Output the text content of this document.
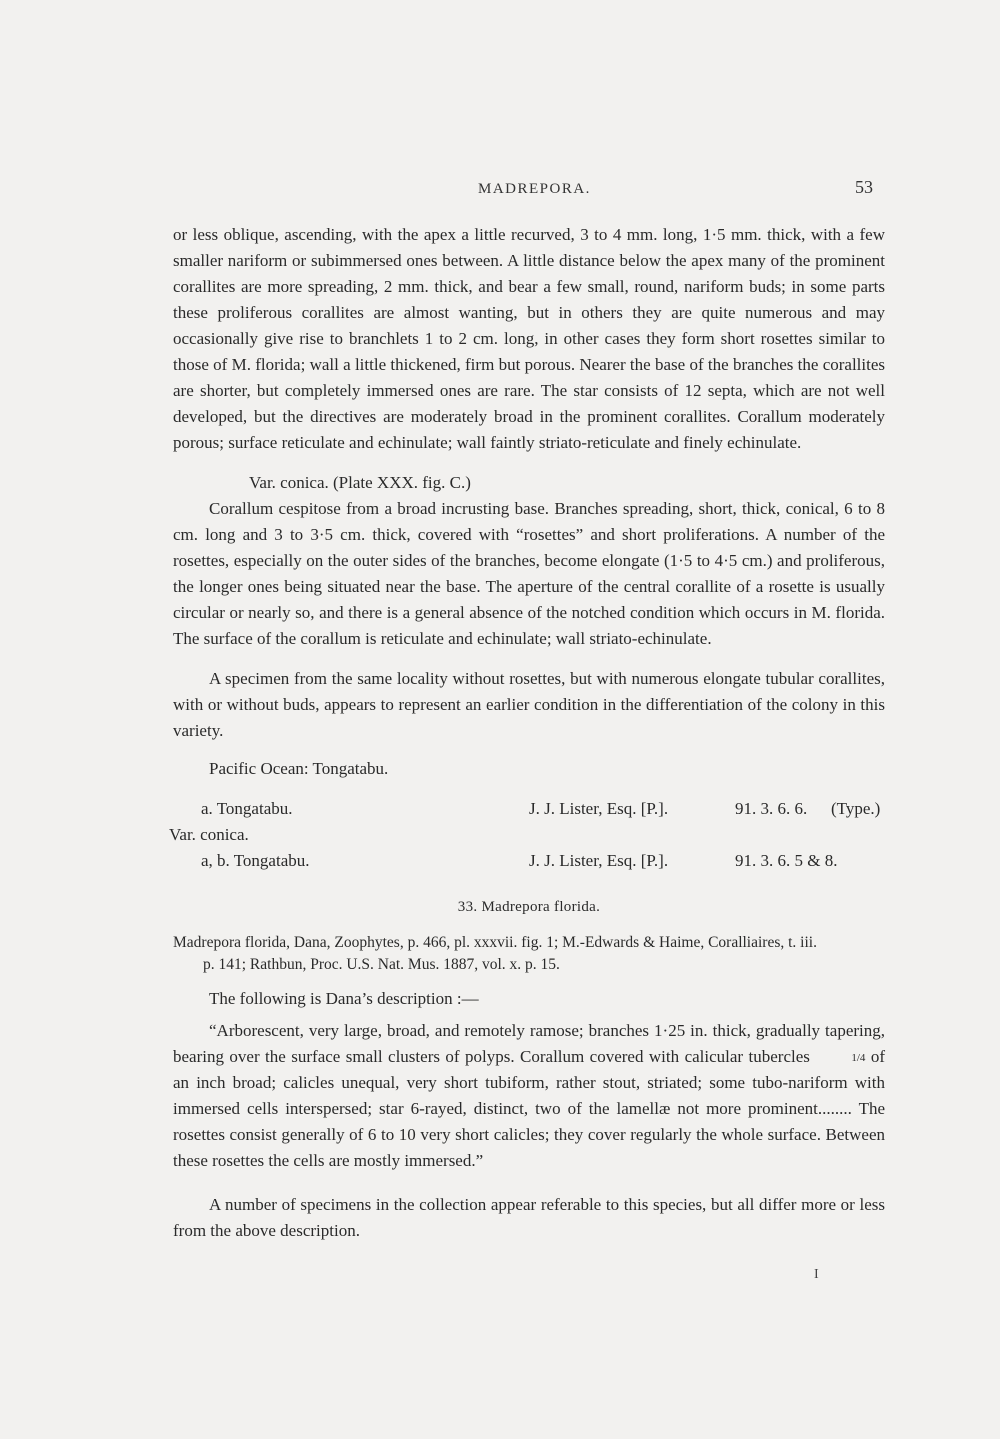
MADREPORA.	53

or less oblique, ascending, with the apex a little recurved, 3 to 4 mm. long, 1·5 mm. thick, with a few smaller nariform or subimmersed ones between. A little distance below the apex many of the prominent corallites are more spreading, 2 mm. thick, and bear a few small, round, nariform buds; in some parts these proliferous corallites are almost wanting, but in others they are quite numerous and may occasionally give rise to branchlets 1 to 2 cm. long, in other cases they form short rosettes similar to those of M. florida; wall a little thickened, firm but porous. Nearer the base of the branches the corallites are shorter, but completely immersed ones are rare. The star consists of 12 septa, which are not well developed, but the directives are moderately broad in the prominent corallites. Corallum moderately porous; surface reticulate and echinulate; wall faintly striato-reticulate and finely echinulate.

Var. conica. (Plate XXX. fig. C.)

Corallum cespitose from a broad incrusting base. Branches spreading, short, thick, conical, 6 to 8 cm. long and 3 to 3·5 cm. thick, covered with “rosettes” and short proliferations. A number of the rosettes, especially on the outer sides of the branches, become elongate (1·5 to 4·5 cm.) and proliferous, the longer ones being situated near the base. The aperture of the central corallite of a rosette is usually circular or nearly so, and there is a general absence of the notched condition which occurs in M. florida. The surface of the corallum is reticulate and echinulate; wall striato-echinulate.

A specimen from the same locality without rosettes, but with numerous elongate tubular corallites, with or without buds, appears to represent an earlier condition in the differentiation of the colony in this variety.

Pacific Ocean: Tongatabu.

a. Tongatabu.	J. J. Lister, Esq. [P.].	91. 3. 6. 6. (Type.)
Var. conica.
a, b. Tongatabu.	J. J. Lister, Esq. [P.].	91. 3. 6. 5 & 8.

33. Madrepora florida.

Madrepora florida, Dana, Zoophytes, p. 466, pl. xxxvii. fig. 1; M.-Edwards & Haime, Coralliaires, t. iii.

p. 141; Rathbun, Proc. U.S. Nat. Mus. 1887, vol. x. p. 15.

The following is Dana’s description :—

“Arborescent, very large, broad, and remotely ramose; branches 1·25 in. thick, gradually tapering, bearing over the surface small clusters of polyps. Corallum covered with calicular tubercles	1/4 of an inch broad; calicles unequal, very short tubiform, rather stout, striated; some tubo-nariform with immersed cells interspersed; star 6-rayed, distinct, two of the lamellæ not more prominent........ The rosettes consist generally of 6 to 10 very short calicles; they cover regularly the whole surface. Between these rosettes the cells are mostly immersed.”

A number of specimens in the collection appear referable to this species, but all differ more or less from the above description.

I
